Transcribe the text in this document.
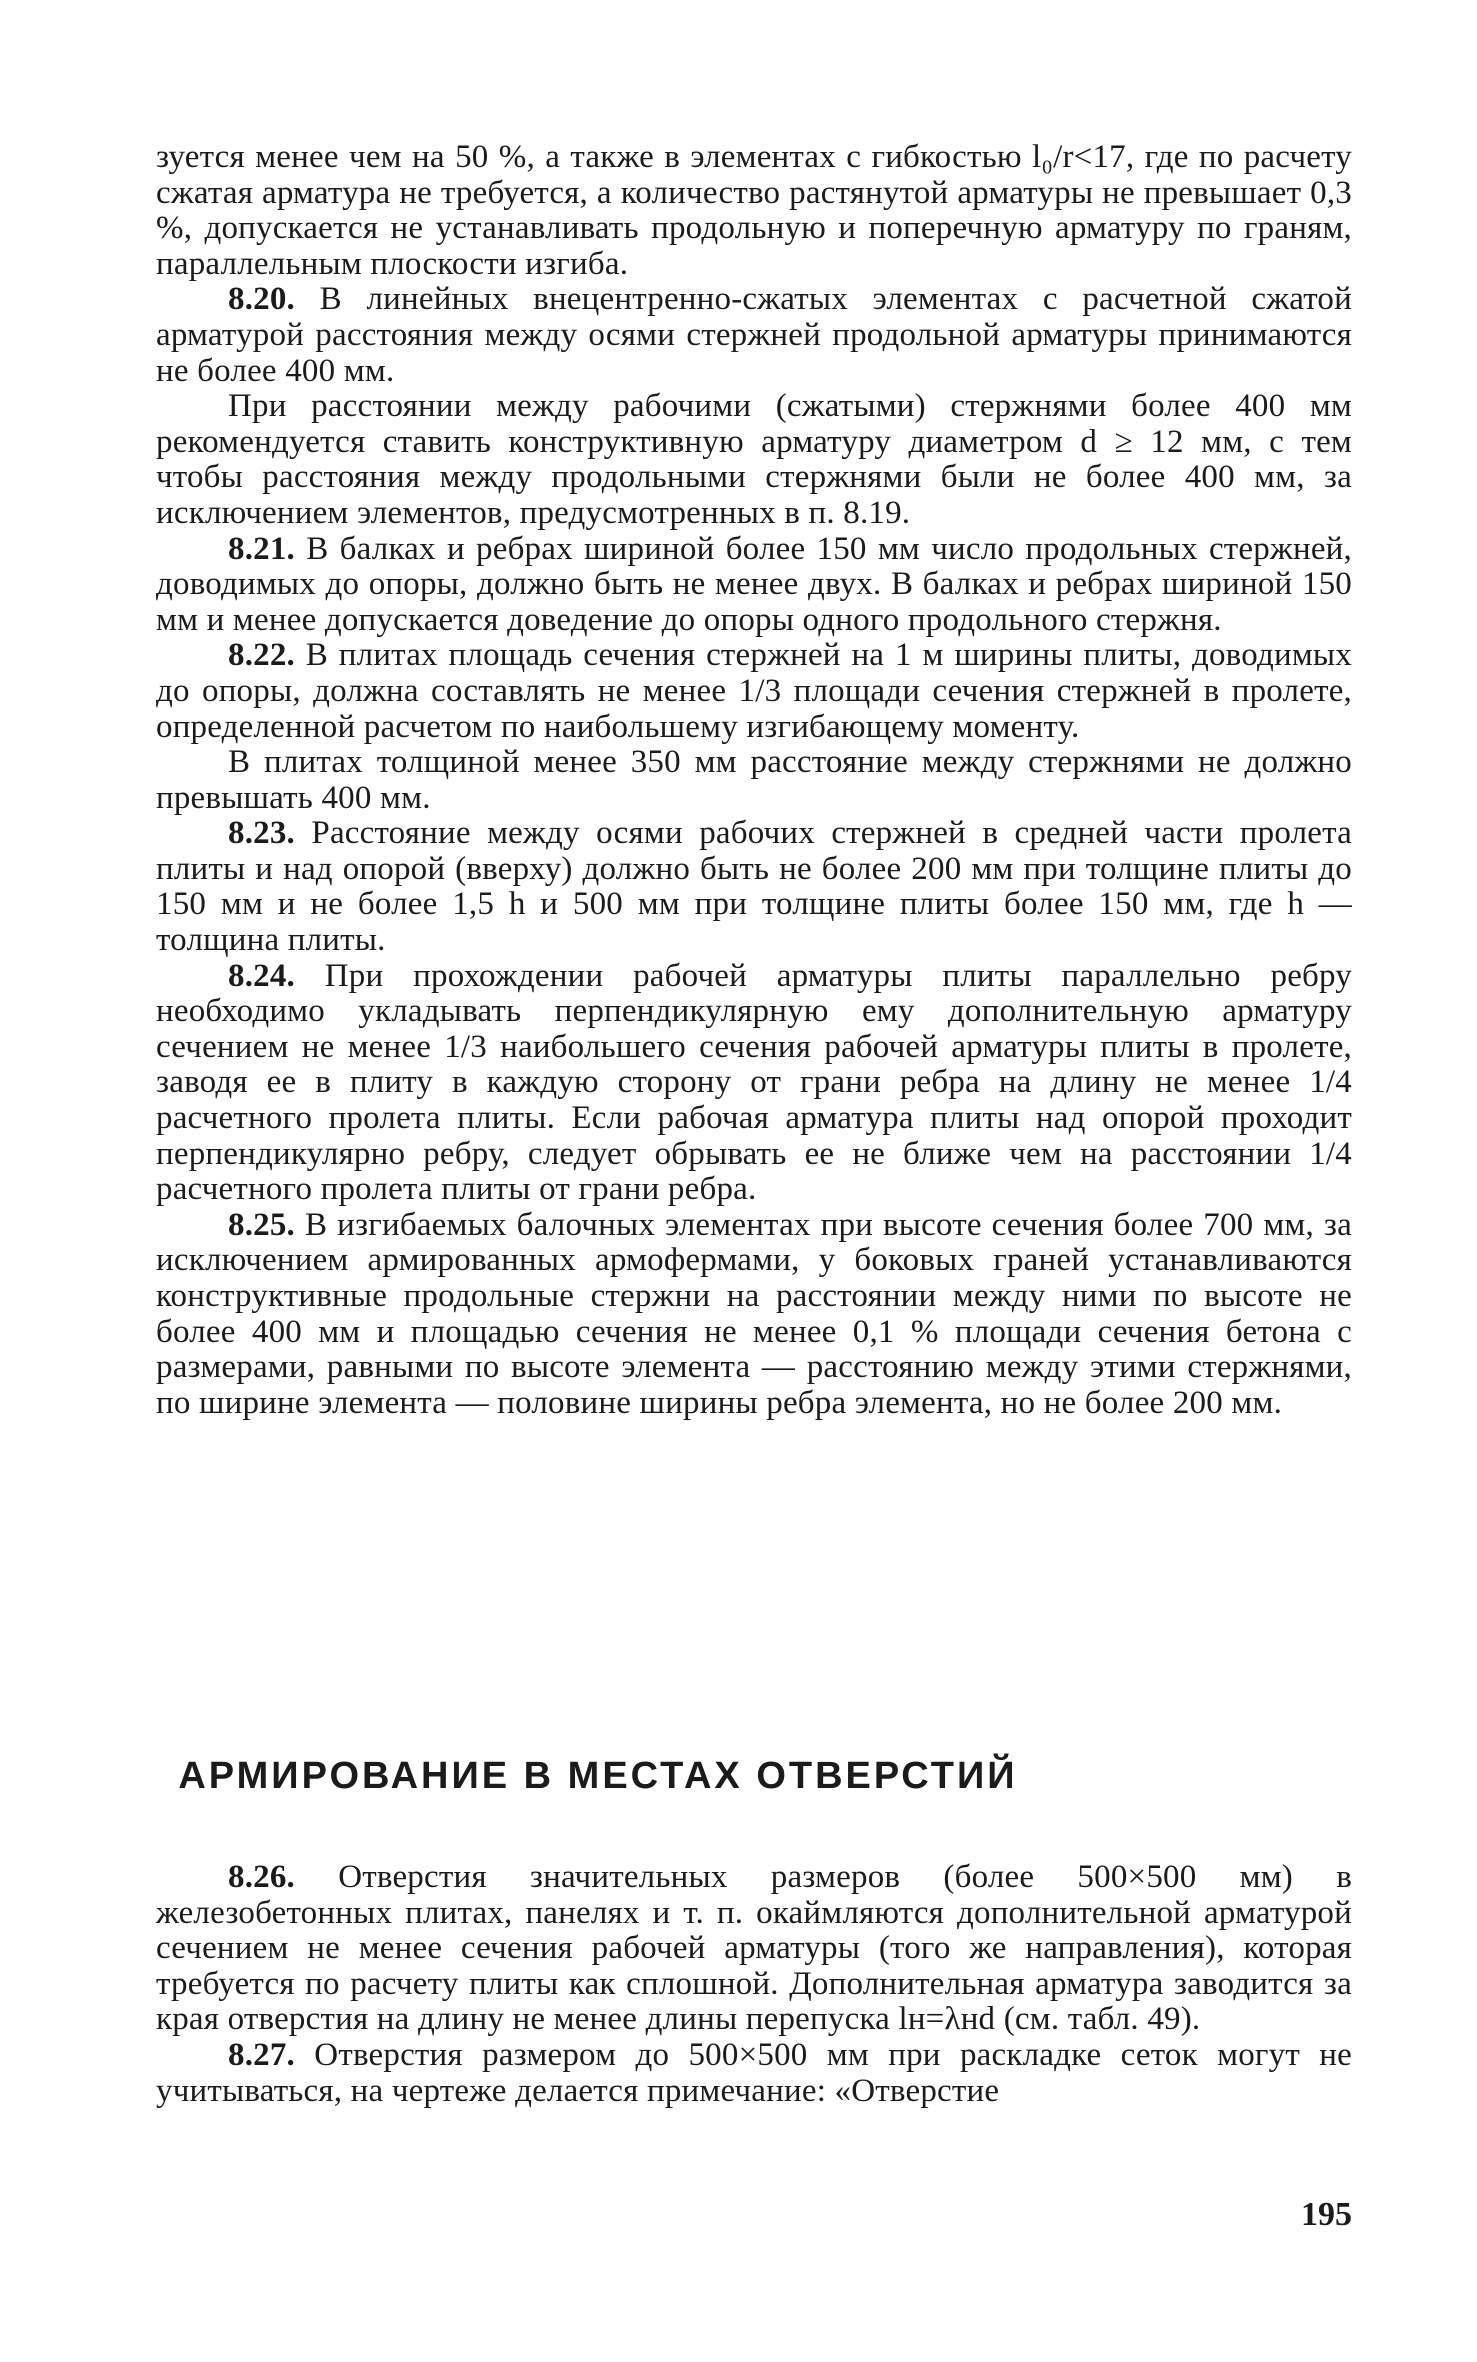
зуется менее чем на 50 %, а также в элементах с гибкостью l₀/r<17, где по расчету сжатая арматура не требуется, а количество растянутой арматуры не превышает 0,3 %, допускается не устанавливать продольную и поперечную арматуру по граням, параллельным плоскости изгиба.

8.20. В линейных внецентренно-сжатых элементах с расчетной сжатой арматурой расстояния между осями стержней продольной арматуры принимаются не более 400 мм.

При расстоянии между рабочими (сжатыми) стержнями более 400 мм рекомендуется ставить конструктивную арматуру диаметром d ≥ 12 мм, с тем чтобы расстояния между продольными стержнями были не более 400 мм, за исключением элементов, предусмотренных в п. 8.19.

8.21. В балках и ребрах шириной более 150 мм число продольных стержней, доводимых до опоры, должно быть не менее двух. В балках и ребрах шириной 150 мм и менее допускается доведение до опоры одного продольного стержня.

8.22. В плитах площадь сечения стержней на 1 м ширины плиты, доводимых до опоры, должна составлять не менее 1/3 площади сечения стержней в пролете, определенной расчетом по наибольшему изгибающему моменту.

В плитах толщиной менее 350 мм расстояние между стержнями не должно превышать 400 мм.

8.23. Расстояние между осями рабочих стержней в средней части пролета плиты и над опорой (вверху) должно быть не более 200 мм при толщине плиты до 150 мм и не более 1,5 h и 500 мм при толщине плиты более 150 мм, где h — толщина плиты.

8.24. При прохождении рабочей арматуры плиты параллельно ребру необходимо укладывать перпендикулярную ему дополнительную арматуру сечением не менее 1/3 наибольшего сечения рабочей арматуры плиты в пролете, заводя ее в плиту в каждую сторону от грани ребра на длину не менее 1/4 расчетного пролета плиты. Если рабочая арматура плиты над опорой проходит перпендикулярно ребру, следует обрывать ее не ближе чем на расстоянии 1/4 расчетного пролета плиты от грани ребра.

8.25. В изгибаемых балочных элементах при высоте сечения более 700 мм, за исключением армированных армофермами, у боковых граней устанавливаются конструктивные продольные стержни на расстоянии между ними по высоте не более 400 мм и площадью сечения не менее 0,1 % площади сечения бетона с размерами, равными по высоте элемента — расстоянию между этими стержнями, по ширине элемента — половине ширины ребра элемента, но не более 200 мм.

АРМИРОВАНИЕ В МЕСТАХ ОТВЕРСТИЙ

8.26. Отверстия значительных размеров (более 500×500 мм) в железобетонных плитах, панелях и т. п. окаймляются дополнительной арматурой сечением не менее сечения рабочей арматуры (того же направления), которая требуется по расчету плиты как сплошной. Дополнительная арматура заводится за края отверстия на длину не менее длины перепуска lн=λнd (см. табл. 49).

8.27. Отверстия размером до 500×500 мм при раскладке сеток могут не учитываться, на чертеже делается примечание: «Отверстие

195
